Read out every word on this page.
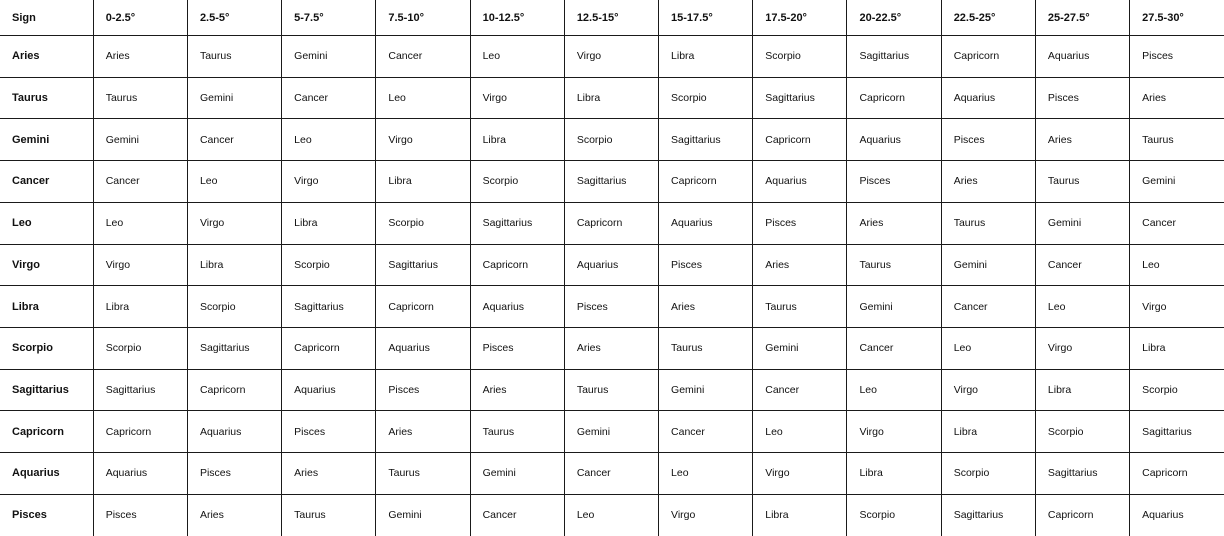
Sign	0-2.5°	2.5-5°	5-7.5°	7.5-10°	10-12.5°	12.5-15°	15-17.5°	17.5-20°	20-22.5°	22.5-25°	25-27.5°	27.5-30°
Aries	Aries	Taurus	Gemini	Cancer	Leo	Virgo	Libra	Scorpio	Sagittarius	Capricorn	Aquarius	Pisces
Taurus	Taurus	Gemini	Cancer	Leo	Virgo	Libra	Scorpio	Sagittarius	Capricorn	Aquarius	Pisces	Aries
Gemini	Gemini	Cancer	Leo	Virgo	Libra	Scorpio	Sagittarius	Capricorn	Aquarius	Pisces	Aries	Taurus
Cancer	Cancer	Leo	Virgo	Libra	Scorpio	Sagittarius	Capricorn	Aquarius	Pisces	Aries	Taurus	Gemini
Leo	Leo	Virgo	Libra	Scorpio	Sagittarius	Capricorn	Aquarius	Pisces	Aries	Taurus	Gemini	Cancer
Virgo	Virgo	Libra	Scorpio	Sagittarius	Capricorn	Aquarius	Pisces	Aries	Taurus	Gemini	Cancer	Leo
Libra	Libra	Scorpio	Sagittarius	Capricorn	Aquarius	Pisces	Aries	Taurus	Gemini	Cancer	Leo	Virgo
Scorpio	Scorpio	Sagittarius	Capricorn	Aquarius	Pisces	Aries	Taurus	Gemini	Cancer	Leo	Virgo	Libra
Sagittarius	Sagittarius	Capricorn	Aquarius	Pisces	Aries	Taurus	Gemini	Cancer	Leo	Virgo	Libra	Scorpio
Capricorn	Capricorn	Aquarius	Pisces	Aries	Taurus	Gemini	Cancer	Leo	Virgo	Libra	Scorpio	Sagittarius
Aquarius	Aquarius	Pisces	Aries	Taurus	Gemini	Cancer	Leo	Virgo	Libra	Scorpio	Sagittarius	Capricorn
Pisces	Pisces	Aries	Taurus	Gemini	Cancer	Leo	Virgo	Libra	Scorpio	Sagittarius	Capricorn	Aquarius
